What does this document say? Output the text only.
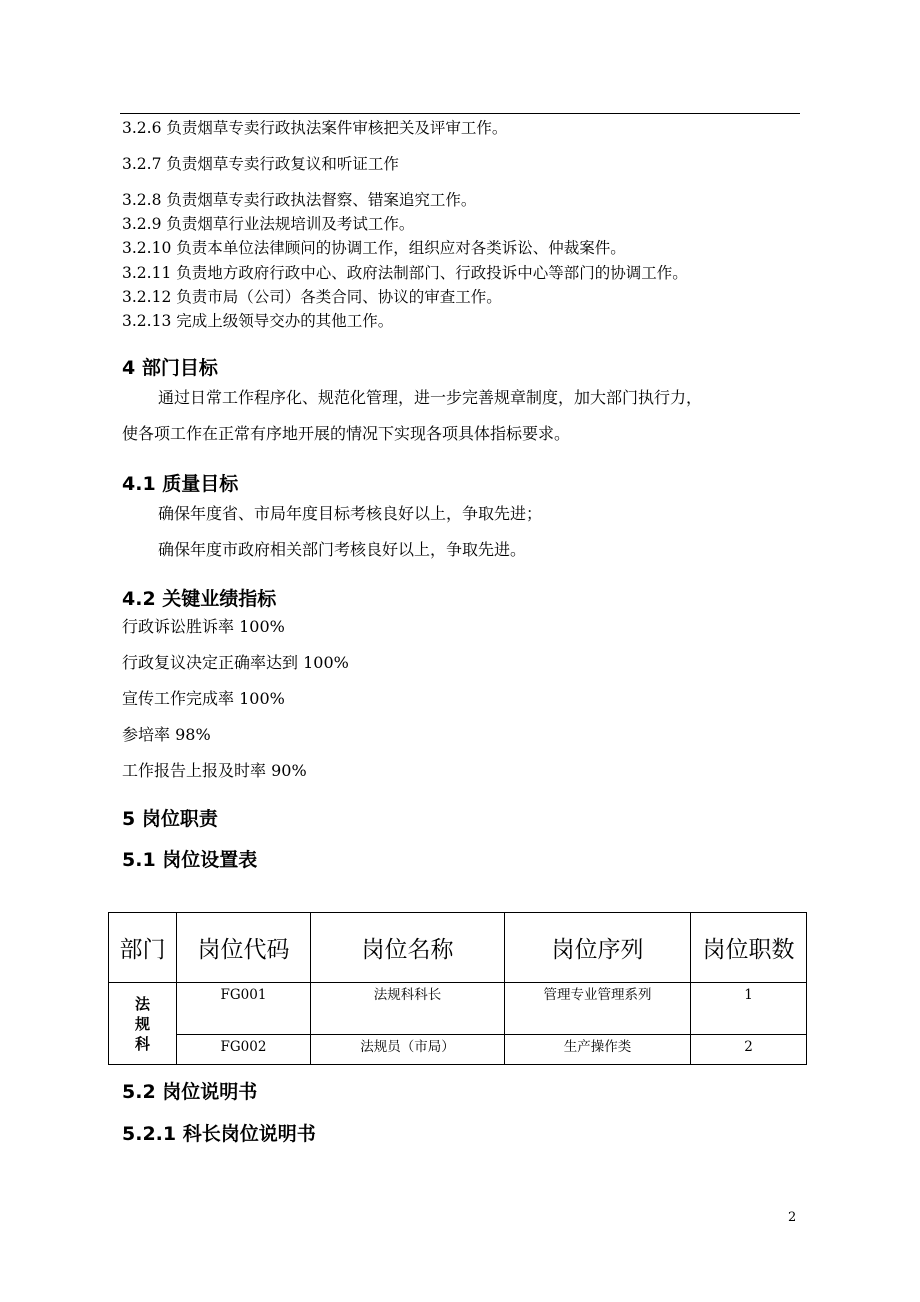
3.2.6 负责烟草专卖行政执法案件审核把关及评审工作。
3.2.7 负责烟草专卖行政复议和听证工作
3.2.8 负责烟草专卖行政执法督察、错案追究工作。
3.2.9 负责烟草行业法规培训及考试工作。
3.2.10 负责本单位法律顾问的协调工作，组织应对各类诉讼、仲裁案件。
3.2.11 负责地方政府行政中心、政府法制部门、行政投诉中心等部门的协调工作。
3.2.12 负责市局（公司）各类合同、协议的审查工作。
3.2.13 完成上级领导交办的其他工作。
4 部门目标
通过日常工作程序化、规范化管理，进一步完善规章制度，加大部门执行力，
使各项工作在正常有序地开展的情况下实现各项具体指标要求。
4.1 质量目标
确保年度省、市局年度目标考核良好以上，争取先进；
确保年度市政府相关部门考核良好以上，争取先进。
4.2 关键业绩指标
行政诉讼胜诉率 100%
行政复议决定正确率达到 100%
宣传工作完成率 100%
参培率 98%
工作报告上报及时率 90%
5 岗位职责
5.1 岗位设置表
部门	岗位代码	岗位名称	岗位序列	岗位职数

法
规
科	FG001	法规科科长	管理专业管理系列	1
	FG002	法规员（市局）	生产操作类	2
5.2 岗位说明书
5.2.1 科长岗位说明书
2
